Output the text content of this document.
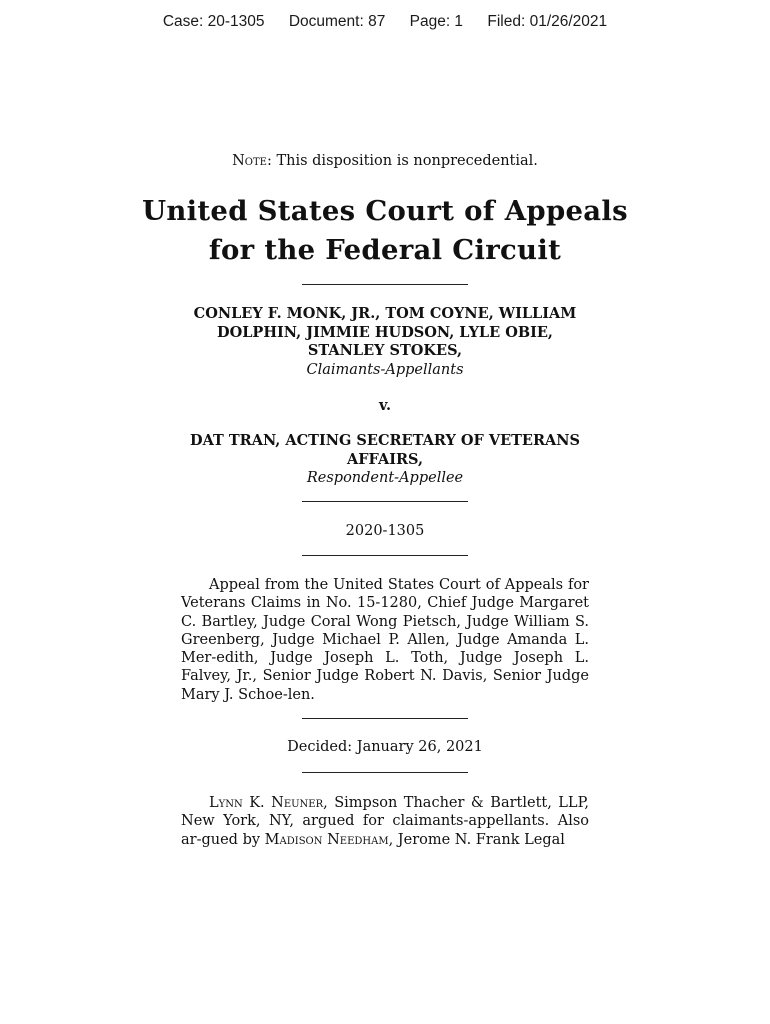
Case: 20-1305 Document: 87 Page: 1 Filed: 01/26/2021
Note: This disposition is nonprecedential.
United States Court of Appeals
for the Federal Circuit
CONLEY F. MONK, JR., TOM COYNE, WILLIAM
DOLPHIN, JIMMIE HUDSON, LYLE OBIE,
STANLEY STOKES,
Claimants-Appellants
v.
DAT TRAN, ACTING SECRETARY OF VETERANS
AFFAIRS,
Respondent-Appellee
2020-1305
Appeal from the United States Court of Appeals for Veterans Claims in No. 15-1280, Chief Judge Margaret C. Bartley, Judge Coral Wong Pietsch, Judge William S. Greenberg, Judge Michael P. Allen, Judge Amanda L. Mer-edith, Judge Joseph L. Toth, Judge Joseph L. Falvey, Jr., Senior Judge Robert N. Davis, Senior Judge Mary J. Schoe-len.
Decided: January 26, 2021
Lynn K. Neuner, Simpson Thacher & Bartlett, LLP, New York, NY, argued for claimants-appellants. Also ar-gued by Madison Needham, Jerome N. Frank Legal
